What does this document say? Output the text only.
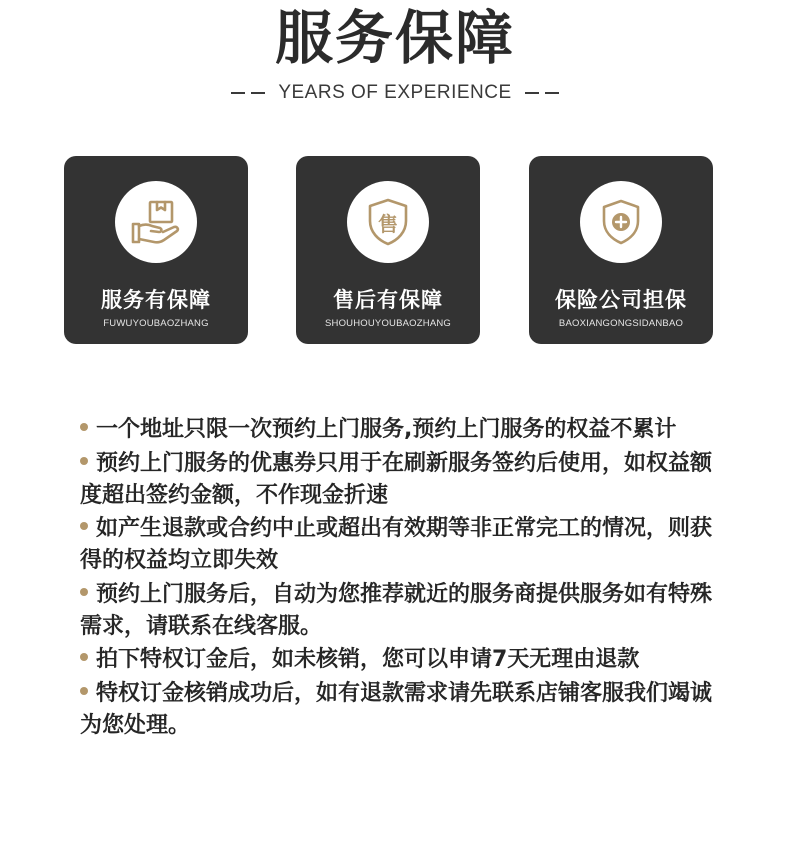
服务保障
YEARS OF EXPERIENCE
服务有保障
FUWUYOUBAOZHANG
售
售后有保障
SHOUHOUYOUBAOZHANG
保险公司担保
BAOXIANGONGSIDANBAO
一个地址只限一次预约上门服务,预约上门服务的权益不累计
预约上门服务的优惠券只用于在刷新服务签约后使用，如权益额度超出签约金额，不作现金折速
如产生退款或合约中止或超出有效期等非正常完工的情况，则获得的权益均立即失效
预约上门服务后，自动为您推荐就近的服务商提供服务如有特殊需求，请联系在线客服。
拍下特权订金后，如未核销，您可以申请7天无理由退款
特权订金核销成功后，如有退款需求请先联系店铺客服我们竭诚为您处理。
